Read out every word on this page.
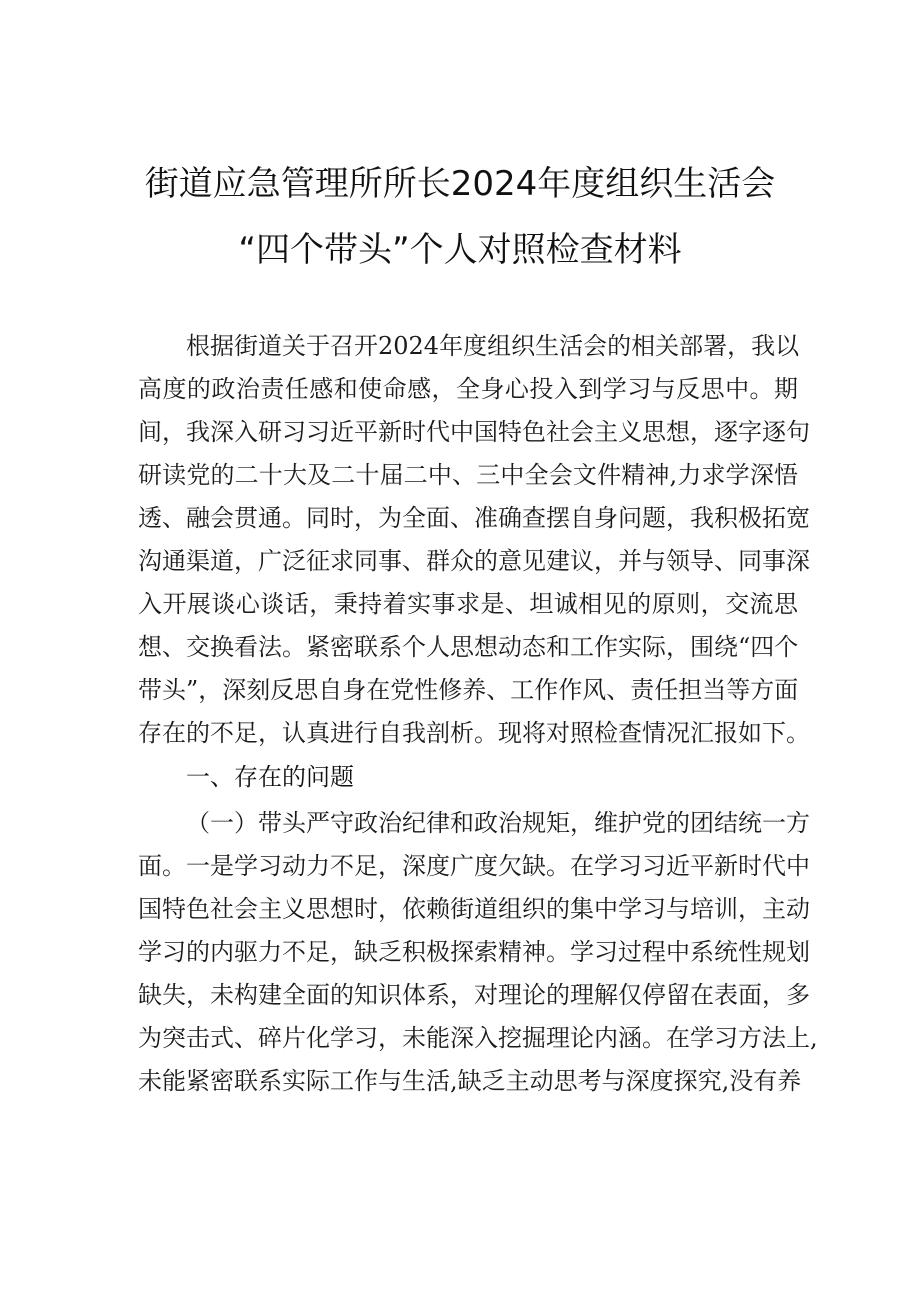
街道应急管理所所长2024年度组织生活会
“四个带头”个人对照检查材料
根据街道关于召开2024年度组织生活会的相关部署，我以
高度的政治责任感和使命感，全身心投入到学习与反思中。期
间，我深入研习习近平新时代中国特色社会主义思想，逐字逐句
研读党的二十大及二十届二中、三中全会文件精神,力求学深悟
透、融会贯通。同时，为全面、准确查摆自身问题，我积极拓宽
沟通渠道，广泛征求同事、群众的意见建议，并与领导、同事深
入开展谈心谈话，秉持着实事求是、坦诚相见的原则，交流思
想、交换看法。紧密联系个人思想动态和工作实际，围绕“四个
带头”，深刻反思自身在党性修养、工作作风、责任担当等方面
存在的不足，认真进行自我剖析。现将对照检查情况汇报如下。
一、存在的问题
（一）带头严守政治纪律和政治规矩，维护党的团结统一方
面。一是学习动力不足，深度广度欠缺。在学习习近平新时代中
国特色社会主义思想时，依赖街道组织的集中学习与培训，主动
学习的内驱力不足，缺乏积极探索精神。学习过程中系统性规划
缺失，未构建全面的知识体系，对理论的理解仅停留在表面，多
为突击式、碎片化学习，未能深入挖掘理论内涵。在学习方法上,
未能紧密联系实际工作与生活,缺乏主动思考与深度探究,没有养
